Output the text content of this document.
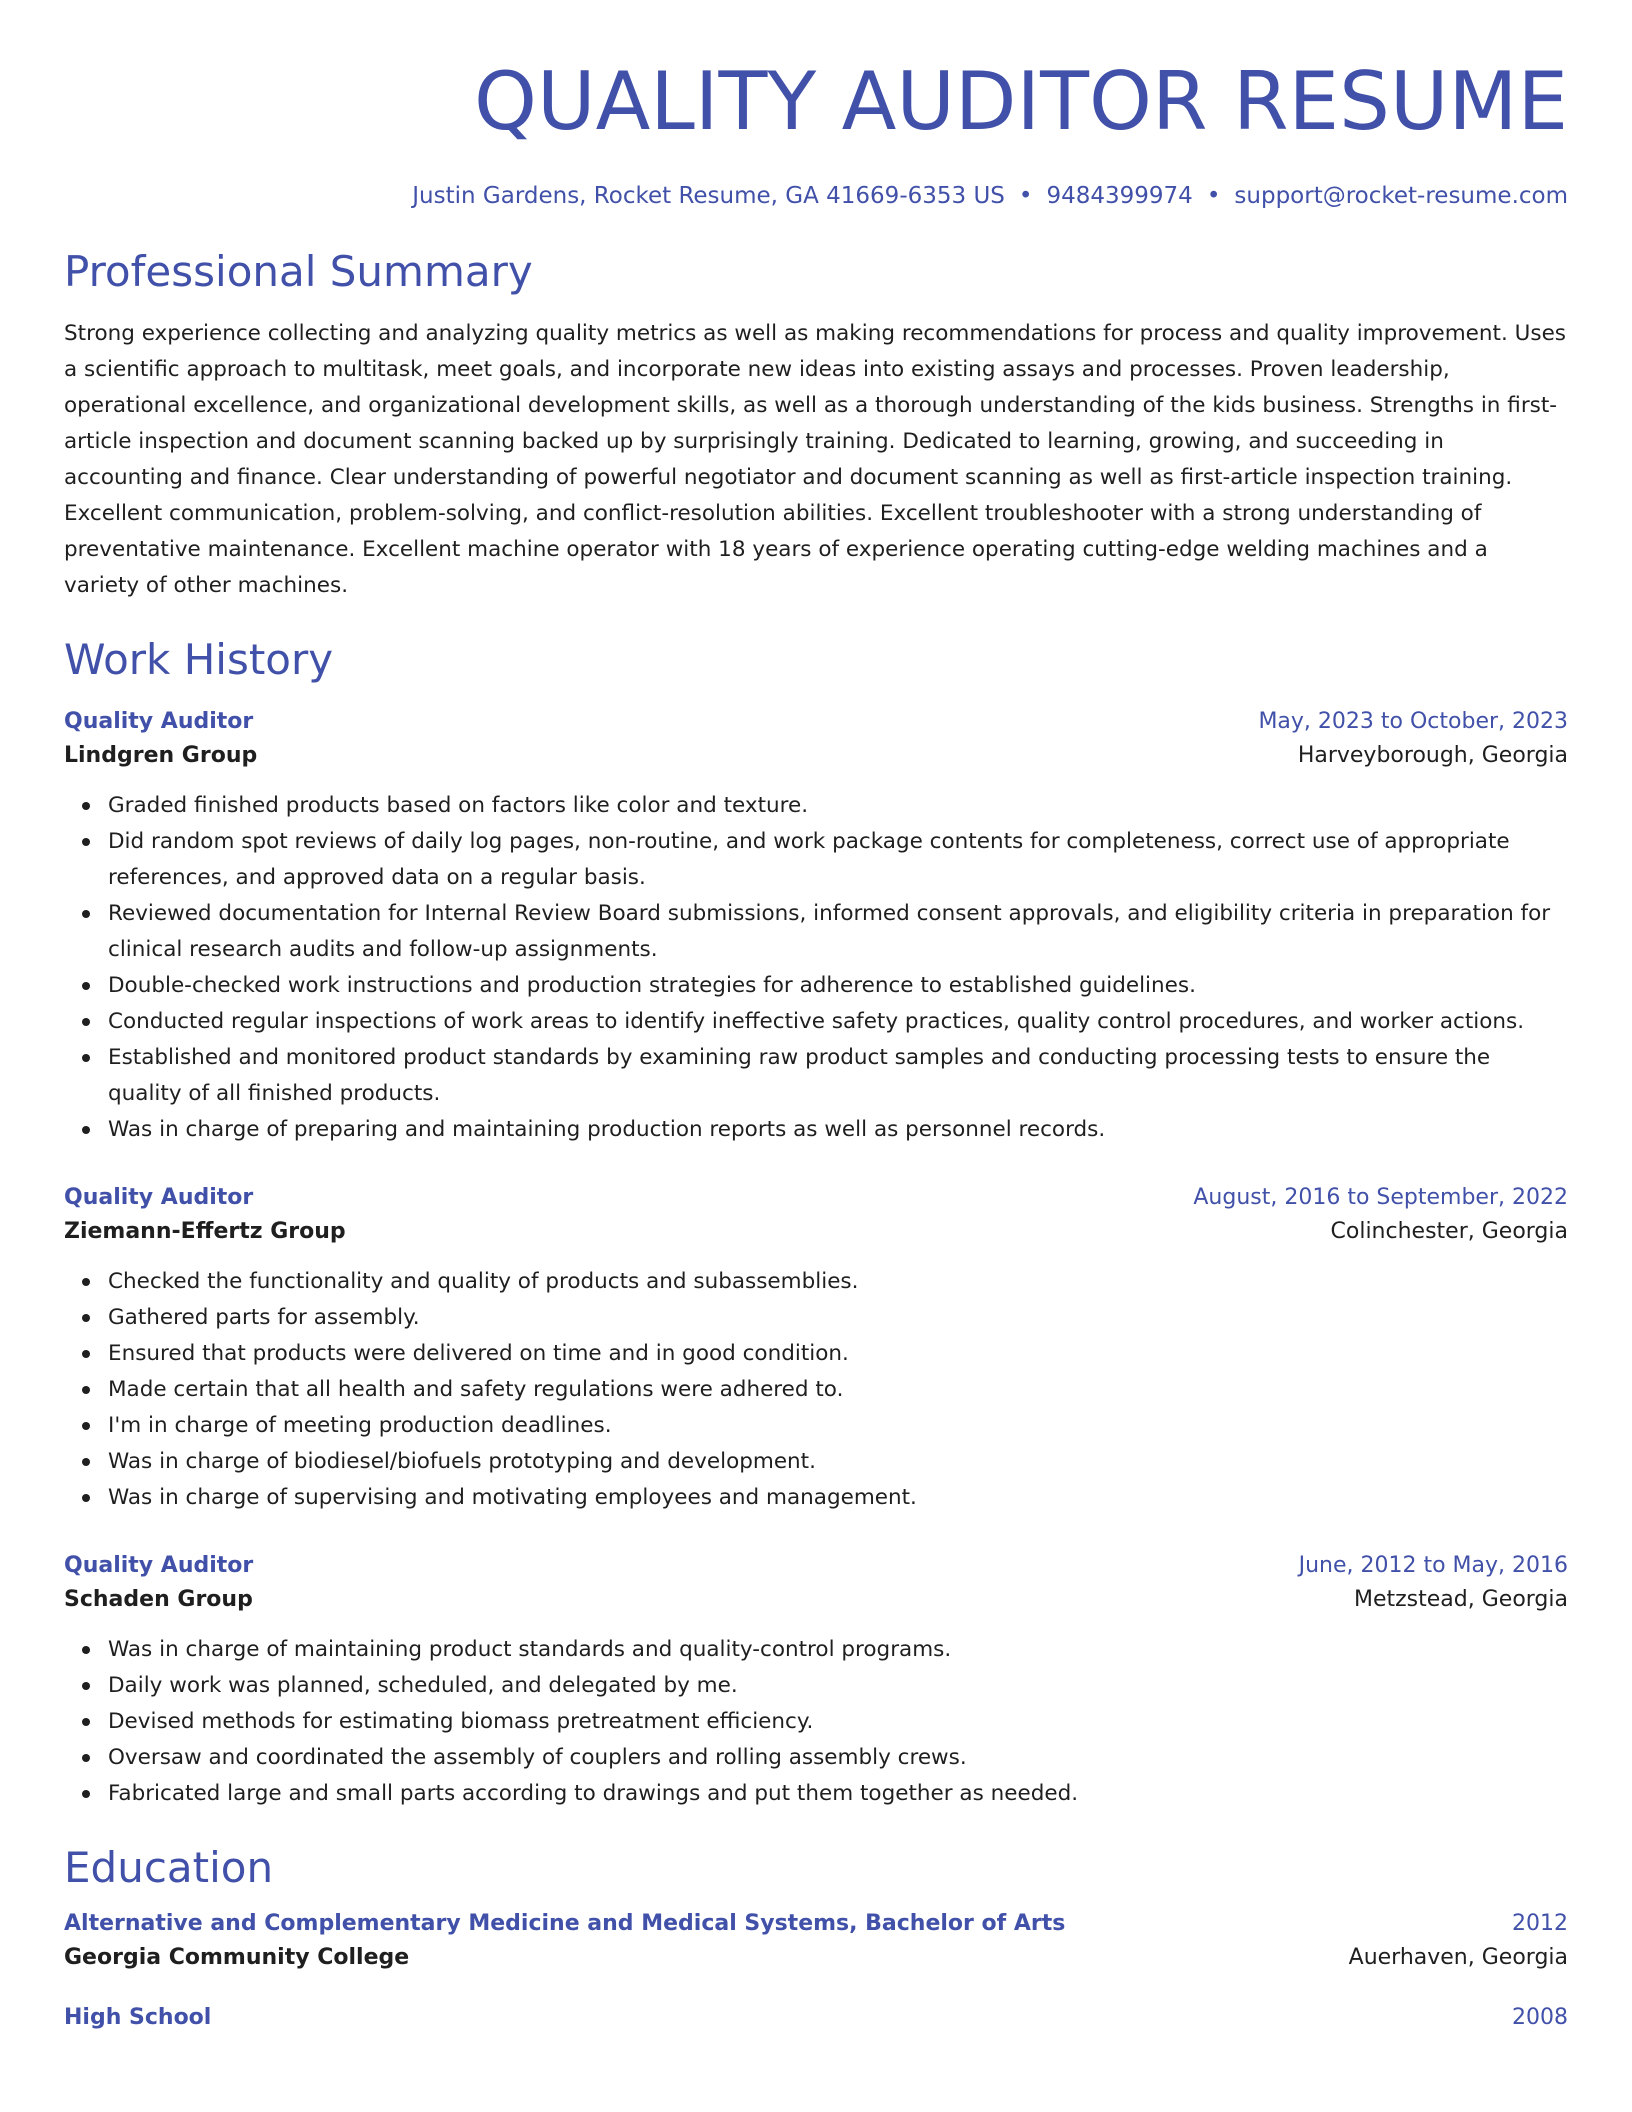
QUALITY AUDITOR RESUME
Justin Gardens, Rocket Resume, GA 41669-6353 US • 9484399974 • support@rocket-resume.com
Professional Summary

Strong experience collecting and analyzing quality metrics as well as making recommendations for process and quality improvement. Uses a scientific approach to multitask, meet goals, and incorporate new ideas into existing assays and processes. Proven leadership, operational excellence, and organizational development skills, as well as a thorough understanding of the kids business. Strengths in first-article inspection and document scanning backed up by surprisingly training. Dedicated to learning, growing, and succeeding in accounting and finance. Clear understanding of powerful negotiator and document scanning as well as first-article inspection training. Excellent communication, problem-solving, and conflict-resolution abilities. Excellent troubleshooter with a strong understanding of preventative maintenance. Excellent machine operator with 18 years of experience operating cutting-edge welding machines and a variety of other machines.

Work History
Quality Auditor	May, 2023 to October, 2023
Lindgren Group	Harveyborough, Georgia
Graded finished products based on factors like color and texture.
Did random spot reviews of daily log pages, non-routine, and work package contents for completeness, correct use of appropriate references, and approved data on a regular basis.
Reviewed documentation for Internal Review Board submissions, informed consent approvals, and eligibility criteria in preparation for clinical research audits and follow-up assignments.
Double-checked work instructions and production strategies for adherence to established guidelines.
Conducted regular inspections of work areas to identify ineffective safety practices, quality control procedures, and worker actions.
Established and monitored product standards by examining raw product samples and conducting processing tests to ensure the quality of all finished products.
Was in charge of preparing and maintaining production reports as well as personnel records.
Quality Auditor	August, 2016 to September, 2022
Ziemann-Effertz Group	Colinchester, Georgia
Checked the functionality and quality of products and subassemblies.
Gathered parts for assembly.
Ensured that products were delivered on time and in good condition.
Made certain that all health and safety regulations were adhered to.
I'm in charge of meeting production deadlines.
Was in charge of biodiesel/biofuels prototyping and development.
Was in charge of supervising and motivating employees and management.
Quality Auditor	June, 2012 to May, 2016
Schaden Group	Metzstead, Georgia
Was in charge of maintaining product standards and quality-control programs.
Daily work was planned, scheduled, and delegated by me.
Devised methods for estimating biomass pretreatment efficiency.
Oversaw and coordinated the assembly of couplers and rolling assembly crews.
Fabricated large and small parts according to drawings and put them together as needed.
Education
Alternative and Complementary Medicine and Medical Systems, Bachelor of Arts	2012
Georgia Community College	Auerhaven, Georgia
High School	2008
